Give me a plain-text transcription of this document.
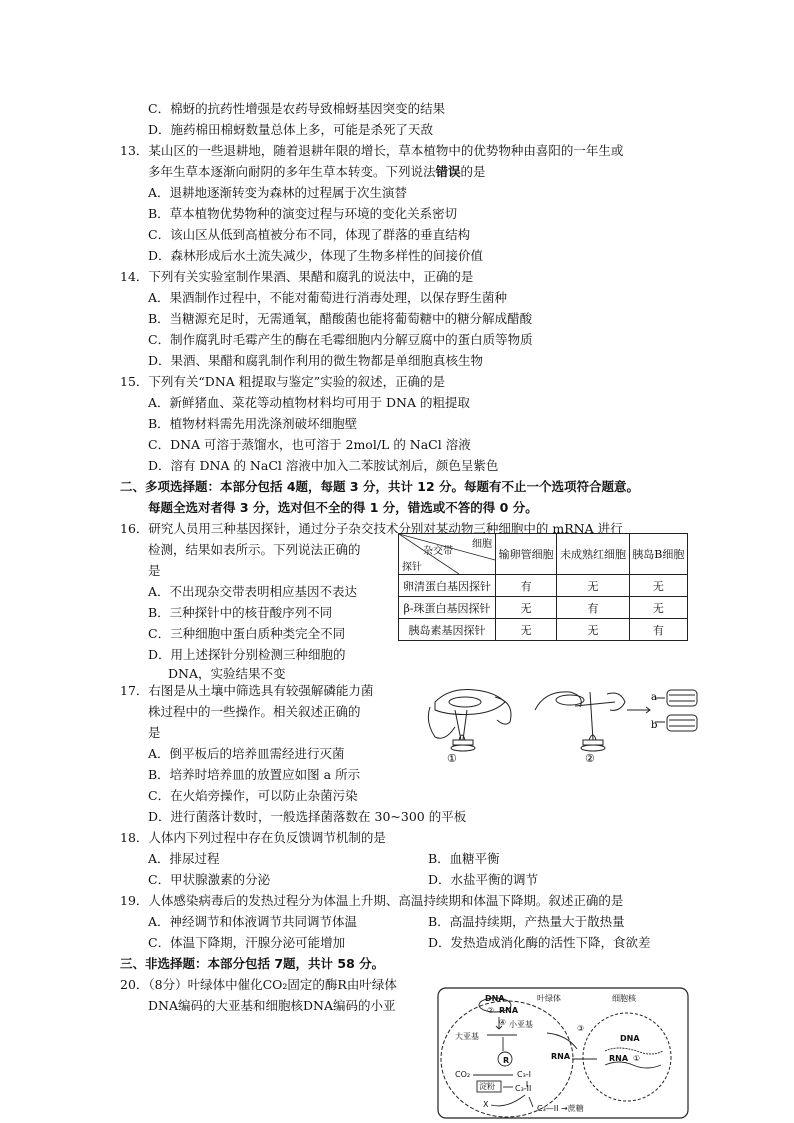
C．棉蚜的抗药性增强是农药导致棉蚜基因突变的结果
D．施药棉田棉蚜数量总体上多，可能是杀死了天敌
13．某山区的一些退耕地，随着退耕年限的增长，草本植物中的优势物种由喜阳的一年生或
多年生草本逐渐向耐阴的多年生草本转变。下列说法错误的是
A．退耕地逐渐转变为森林的过程属于次生演替
B．草本植物优势物种的演变过程与环境的变化关系密切
C．该山区从低到高植被分布不同，体现了群落的垂直结构
D．森林形成后水土流失减少，体现了生物多样性的间接价值
14．下列有关实验室制作果酒、果醋和腐乳的说法中，正确的是
A．果酒制作过程中，不能对葡萄进行消毒处理，以保存野生菌种
B．当糖源充足时，无需通氧，醋酸菌也能将葡萄糖中的糖分解成醋酸
C．制作腐乳时毛霉产生的酶在毛霉细胞内分解豆腐中的蛋白质等物质
D．果酒、果醋和腐乳制作利用的微生物都是单细胞真核生物
15．下列有关“DNA 粗提取与鉴定”实验的叙述，正确的是
A．新鲜猪血、菜花等动植物材料均可用于 DNA 的粗提取
B．植物材料需先用洗涤剂破坏细胞壁
C．DNA 可溶于蒸馏水，也可溶于 2mol/L 的 NaCl 溶液
D．溶有 DNA 的 NaCl 溶液中加入二苯胺试剂后，颜色呈紫色
二、多项选择题：本部分包括 4题，每题 3 分，共计 12 分。每题有不止一个选项符合题意。
每题全选对者得 3 分，选对但不全的得 1 分，错选或不答的得 0 分。
16．研究人员用三种基因探针，通过分子杂交技术分别对某动物三种细胞中的 mRNA 进行
检测，结果如表所示。下列说法正确的
是
A．不出现杂交带表明相应基因不表达
B．三种探针中的核苷酸序列不同
C．三种细胞中蛋白质种类完全不同
D．用上述探针分别检测三种细胞的
DNA，实验结果不变
细胞
杂交带
探针	输卵管细胞	未成熟红细胞	胰岛B细胞
卵清蛋白基因探针	有	无	无
β-珠蛋白基因探针	无	有	无
胰岛素基因探针	无	无	有
17．右图是从土壤中筛选具有较强解磷能力菌
株过程中的一些操作。相关叙述正确的
是
A．倒平板后的培养皿需经进行灭菌
B．培养时培养皿的放置应如图 a 所示
C．在火焰旁操作，可以防止杂菌污染
D．进行菌落计数时，一般选择菌落数在 30~300 的平板
a
b
①	②
18．人体内下列过程中存在负反馈调节机制的是
A．排尿过程	B．血糖平衡
C．甲状腺激素的分泌	D．水盐平衡的调节
19．人体感染病毒后的发热过程分为体温上升期、高温持续期和体温下降期。叙述正确的是
A．神经调节和体液调节共同调节体温	B．高温持续期，产热量大于散热量
C．体温下降期，汗腺分泌可能增加	D．发热造成消化酶的活性下降，食欲差
三、非选择题：本部分包括 7题，共计 58 分。
20．（8分）叶绿体中催化CO₂固定的酶R由叶绿体
DNA编码的大亚基和细胞核DNA编码的小亚	叶绿体	细胞核
DNA
RNA
小亚基
大亚基
R
CO₂
淀粉
C₃-I
C₃-II
X	C₃—II →蔗糖
DNA
RNA
RNA
②
④
③
①
